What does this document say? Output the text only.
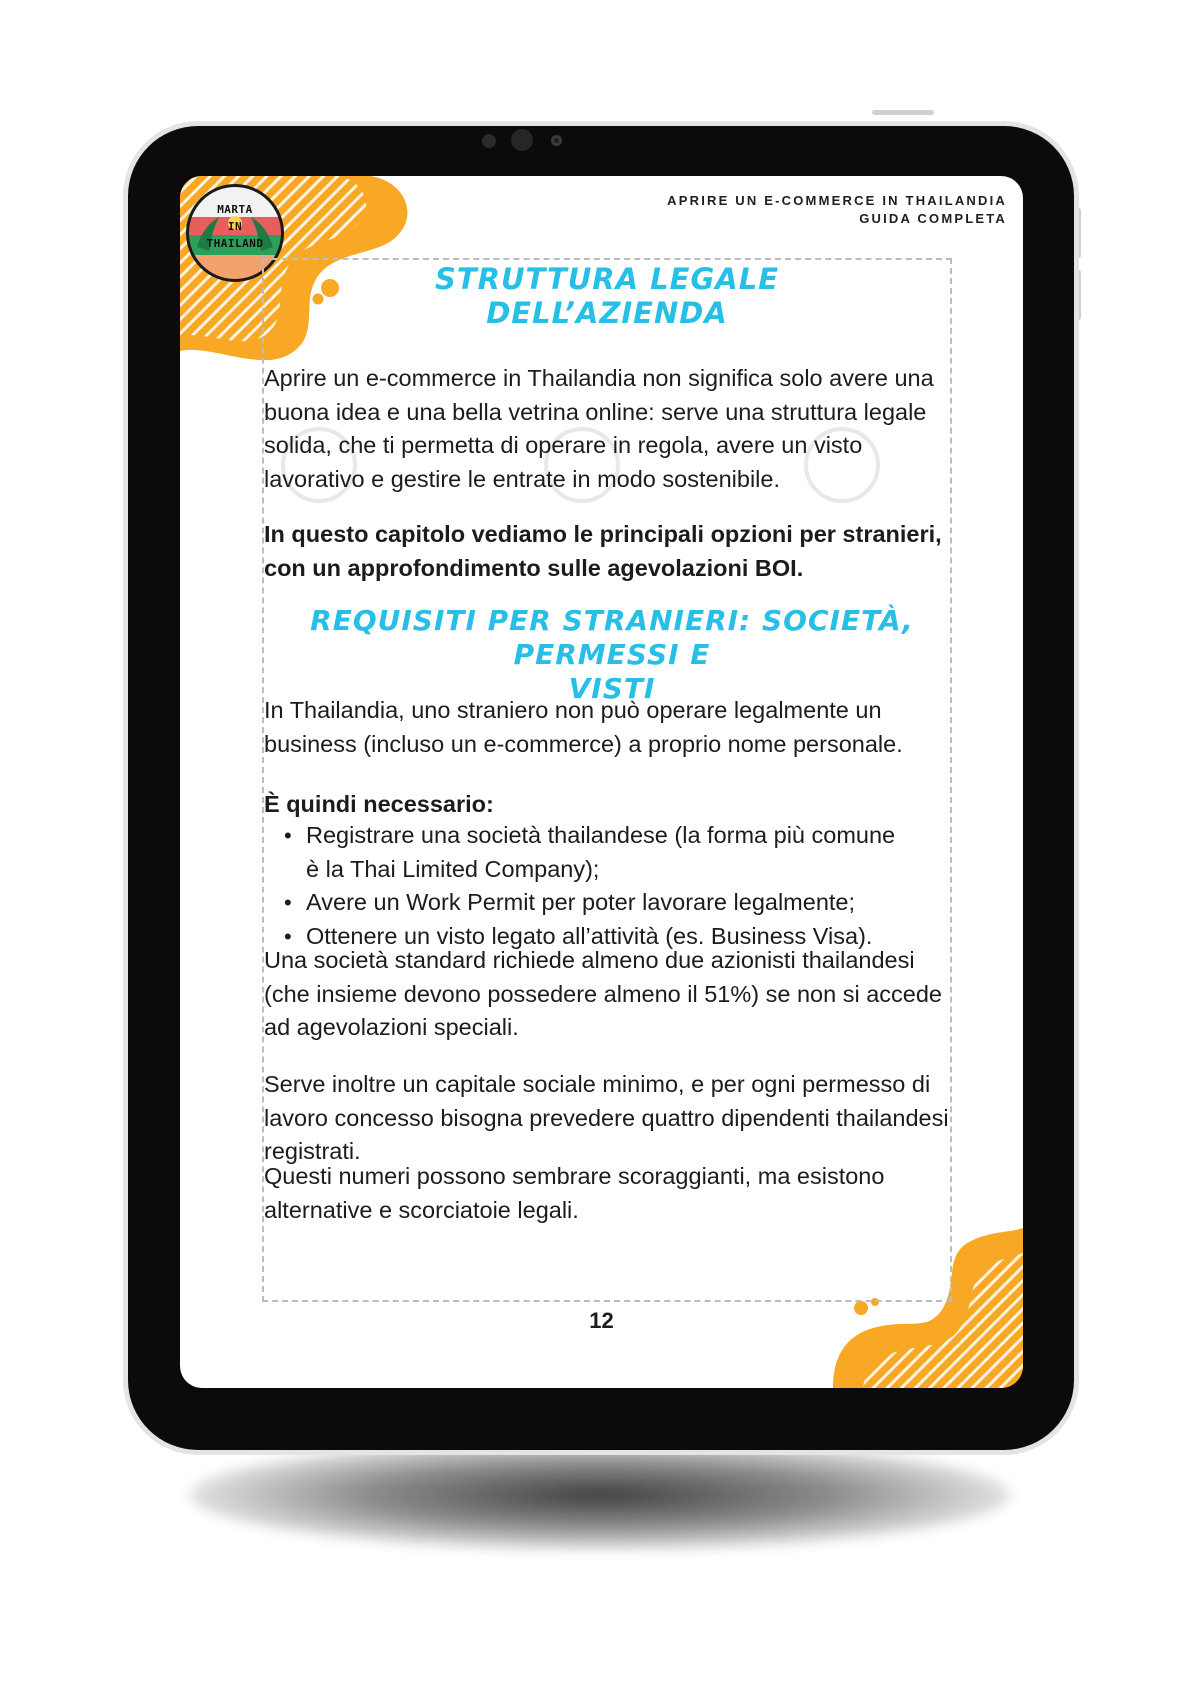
MARTA
IN
THAILAND
APRIRE UN E-COMMERCE IN THAILANDIA
GUIDA COMPLETA
STRUTTURA LEGALE
DELL’AZIENDA
Aprire un e-commerce in Thailandia non significa solo avere una buona idea e una bella vetrina online: serve una struttura legale solida, che ti permetta di operare in regola, avere un visto lavorativo e gestire le entrate in modo sostenibile.
In questo capitolo vediamo le principali opzioni per stranieri, con un approfondimento sulle agevolazioni BOI.
REQUISITI PER STRANIERI: SOCIETÀ, PERMESSI E
VISTI
In Thailandia, uno straniero non può operare legalmente un business (incluso un e-commerce) a proprio nome personale.
È quindi necessario:
• Registrare una società thailandese (la forma più comune è la Thai Limited Company);
• Avere un Work Permit per poter lavorare legalmente;
• Ottenere un visto legato all’attività (es. Business Visa).
Una società standard richiede almeno due azionisti thailandesi (che insieme devono possedere almeno il 51%) se non si accede ad agevolazioni speciali.
Serve inoltre un capitale sociale minimo, e per ogni permesso di lavoro concesso bisogna prevedere quattro dipendenti thailandesi registrati.
Questi numeri possono sembrare scoraggianti, ma esistono alternative e scorciatoie legali.
12
